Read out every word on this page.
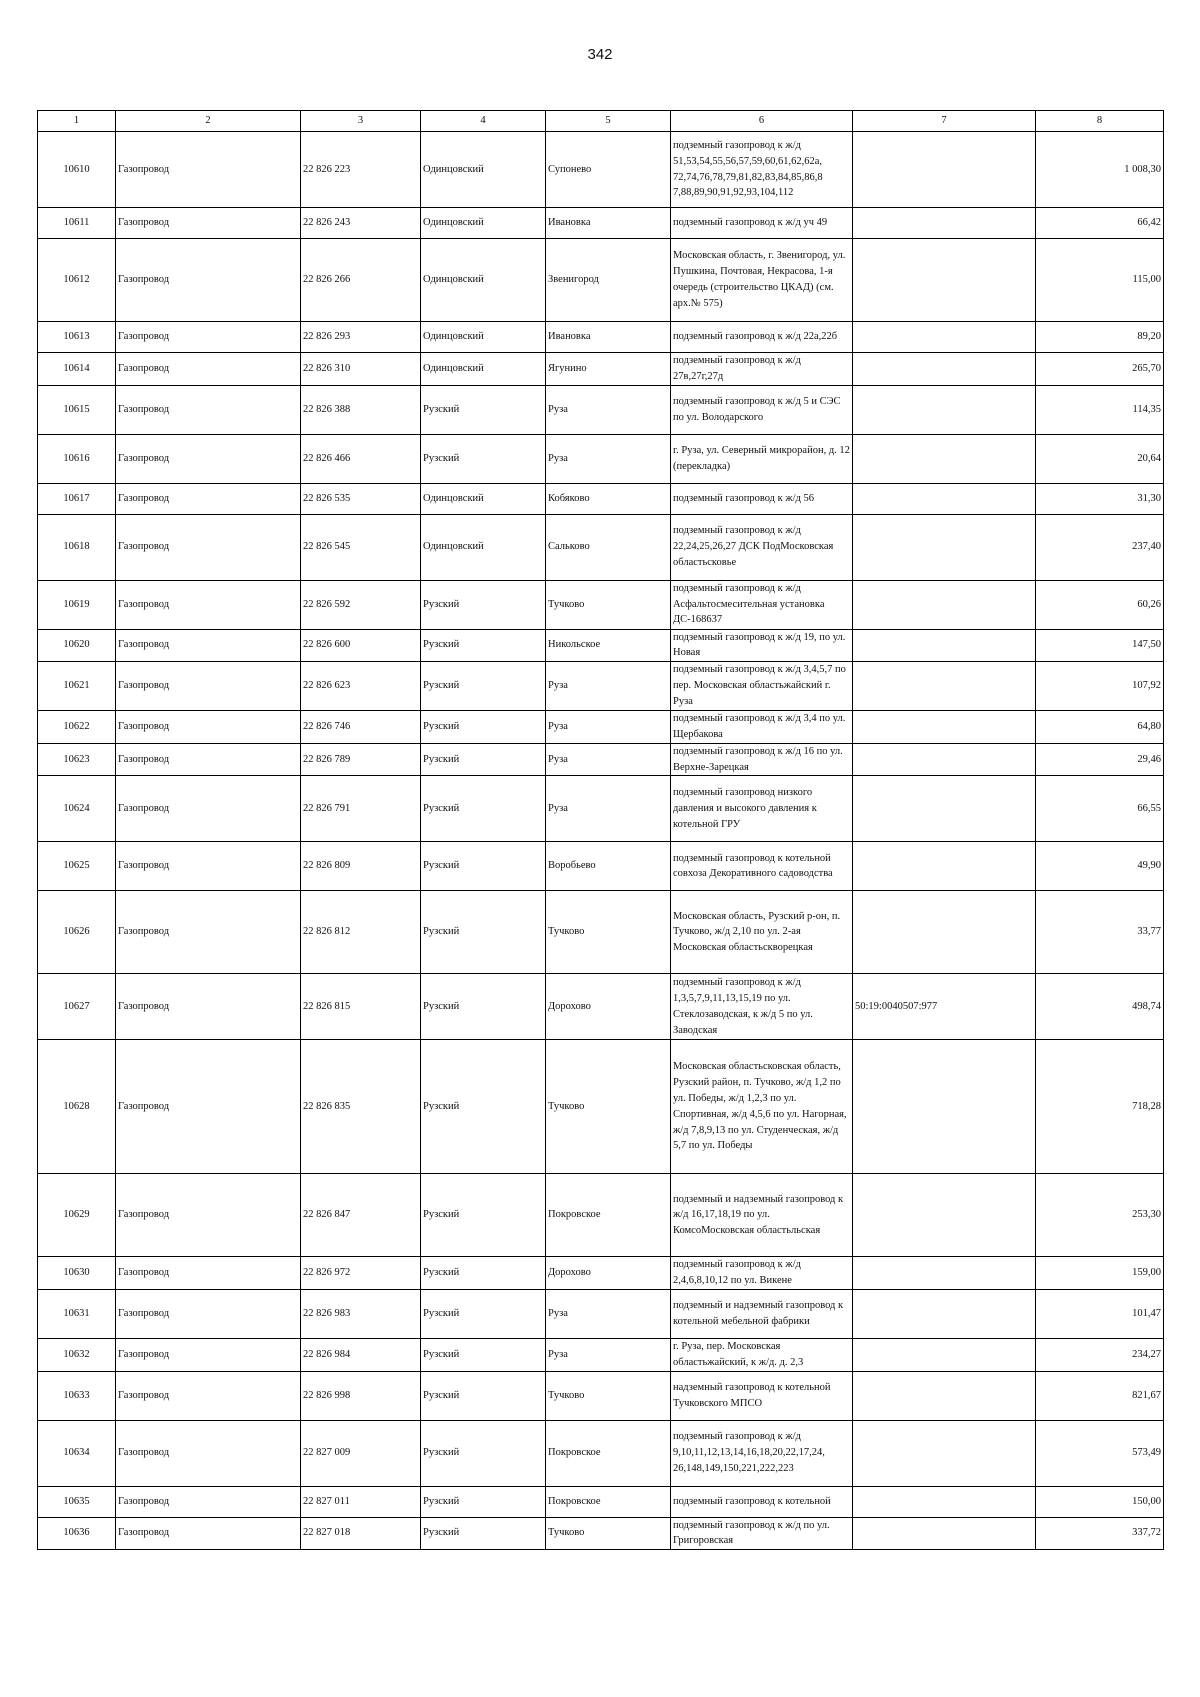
342
1	2	3	4	5	6	7	8
10610	Газопровод	22 826 223	Одинцовский	Супонево	подземный газопровод к ж/д 51,53,54,55,56,57,59,60,61,62,62а, 72,74,76,78,79,81,82,83,84,85,86,8 7,88,89,90,91,92,93,104,112		1 008,30
10611	Газопровод	22 826 243	Одинцовский	Ивановка	подземный газопровод к ж/д уч 49		66,42
10612	Газопровод	22 826 266	Одинцовский	Звенигород	Московская область, г. Звенигород, ул. Пушкина, Почтовая, Некрасова, 1-я очередь (строительство ЦКАД) (см. арх.№ 575)		115,00
10613	Газопровод	22 826 293	Одинцовский	Ивановка	подземный газопровод к ж/д 22а,22б		89,20
10614	Газопровод	22 826 310	Одинцовский	Ягунино	подземный газопровод к ж/д 27в,27г,27д		265,70
10615	Газопровод	22 826 388	Рузский	Руза	подземный газопровод к ж/д 5 и СЭС по ул. Володарского		114,35
10616	Газопровод	22 826 466	Рузский	Руза	г. Руза, ул. Северный микрорайон, д. 12 (перекладка)		20,64
10617	Газопровод	22 826 535	Одинцовский	Кобяково	подземный газопровод к ж/д 56		31,30
10618	Газопровод	22 826 545	Одинцовский	Сальково	подземный газопровод к ж/д 22,24,25,26,27 ДСК ПодМосковская областьсковье		237,40
10619	Газопровод	22 826 592	Рузский	Тучково	подземный газопровод к ж/д Асфальтосмесительная установка ДС-168637		60,26
10620	Газопровод	22 826 600	Рузский	Никольское	подземный газопровод к ж/д 19, по ул. Новая		147,50
10621	Газопровод	22 826 623	Рузский	Руза	подземный газопровод к ж/д 3,4,5,7 по пер. Московская областьжайский г. Руза		107,92
10622	Газопровод	22 826 746	Рузский	Руза	подземный газопровод к ж/д 3,4 по ул. Щербакова		64,80
10623	Газопровод	22 826 789	Рузский	Руза	подземный газопровод к ж/д 16 по ул. Верхне-Зарецкая		29,46
10624	Газопровод	22 826 791	Рузский	Руза	подземный газопровод низкого давления и высокого давления к котельной ГРУ		66,55
10625	Газопровод	22 826 809	Рузский	Воробьево	подземный газопровод к котельной совхоза Декоративного садоводства		49,90
10626	Газопровод	22 826 812	Рузский	Тучково	Московская область, Рузский р-он, п. Тучково, ж/д 2,10 по ул. 2-ая Московская областьскворецкая		33,77
10627	Газопровод	22 826 815	Рузский	Дорохово	подземный газопровод к ж/д 1,3,5,7,9,11,13,15,19 по ул. Стеклозаводская, к ж/д 5 по ул. Заводская	50:19:0040507:977	498,74
10628	Газопровод	22 826 835	Рузский	Тучково	Московская областьсковская область, Рузский район, п. Тучково, ж/д 1,2 по ул. Победы, ж/д 1,2,3 по ул. Спортивная, ж/д 4,5,6 по ул. Нагорная, ж/д 7,8,9,13 по ул. Студенческая, ж/д 5,7 по ул. Победы		718,28
10629	Газопровод	22 826 847	Рузский	Покровское	подземный и надземный газопровод к ж/д 16,17,18,19 по ул. КомсоМосковская областьльская		253,30
10630	Газопровод	22 826 972	Рузский	Дорохово	подземный газопровод к ж/д 2,4,6,8,10,12 по ул. Викене		159,00
10631	Газопровод	22 826 983	Рузский	Руза	подземный и надземный газопровод к котельной мебельной фабрики		101,47
10632	Газопровод	22 826 984	Рузский	Руза	г. Руза, пер. Московская областьжайский, к ж/д. д. 2,3		234,27
10633	Газопровод	22 826 998	Рузский	Тучково	надземный газопровод к котельной Тучковского МПСО		821,67
10634	Газопровод	22 827 009	Рузский	Покровское	подземный газопровод к ж/д 9,10,11,12,13,14,16,18,20,22,17,24, 26,148,149,150,221,222,223		573,49
10635	Газопровод	22 827 011	Рузский	Покровское	подземный газопровод к котельной		150,00
10636	Газопровод	22 827 018	Рузский	Тучково	подземный газопровод к ж/д по ул. Григоровская		337,72
